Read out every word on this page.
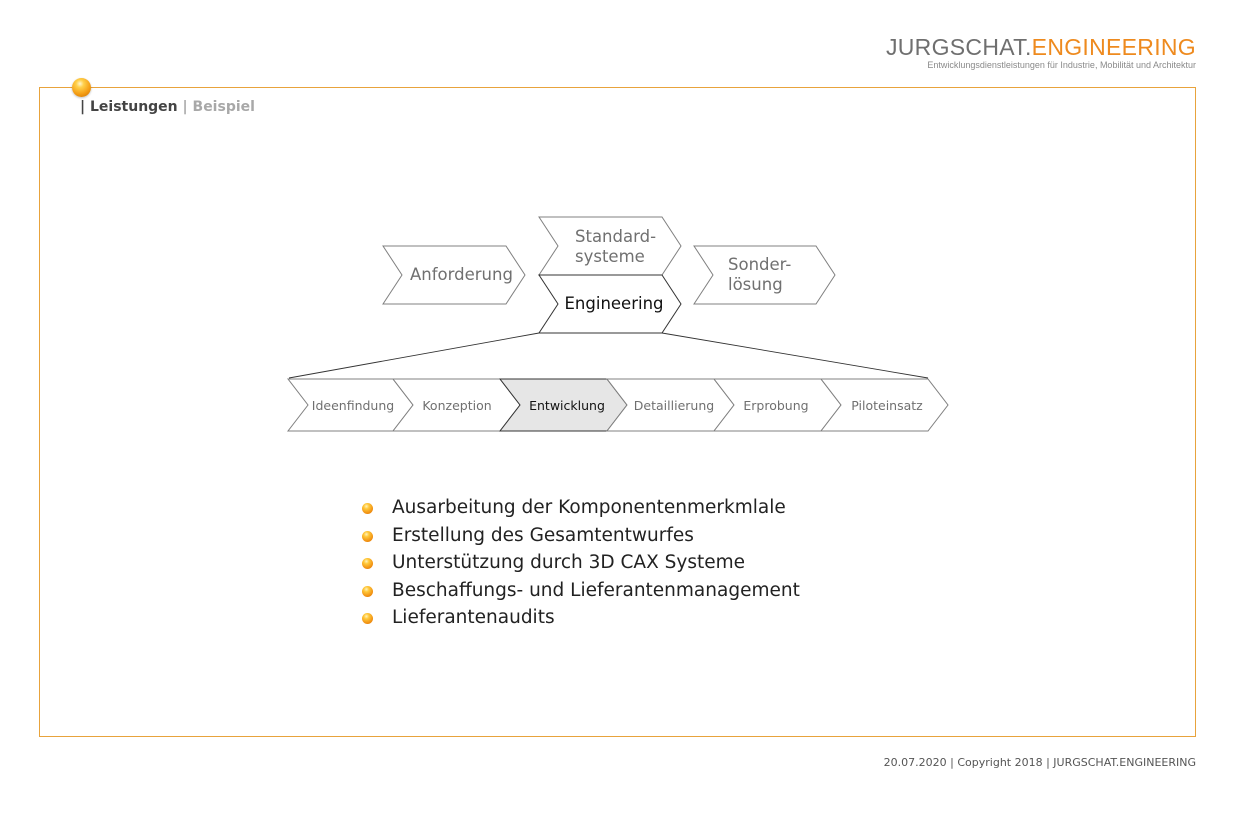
JURGSCHAT.ENGINEERING
Entwicklungsdienstleistungen für Industrie, Mobilität und Architektur
| Leistungen | Beispiel
Anforderung
Standard-systeme
Engineering
Sonder-lösung
Ideenfindung Konzeption	Entwicklung Detaillierung Erprobung	Piloteinsatz
Ausarbeitung der Komponentenmerkmlale
Erstellung des Gesamtentwurfes
Unterstützung durch 3D CAX Systeme
Beschaffungs- und Lieferantenmanagement
Lieferantenaudits
20.07.2020 | Copyright 2018 | JURGSCHAT.ENGINEERING
